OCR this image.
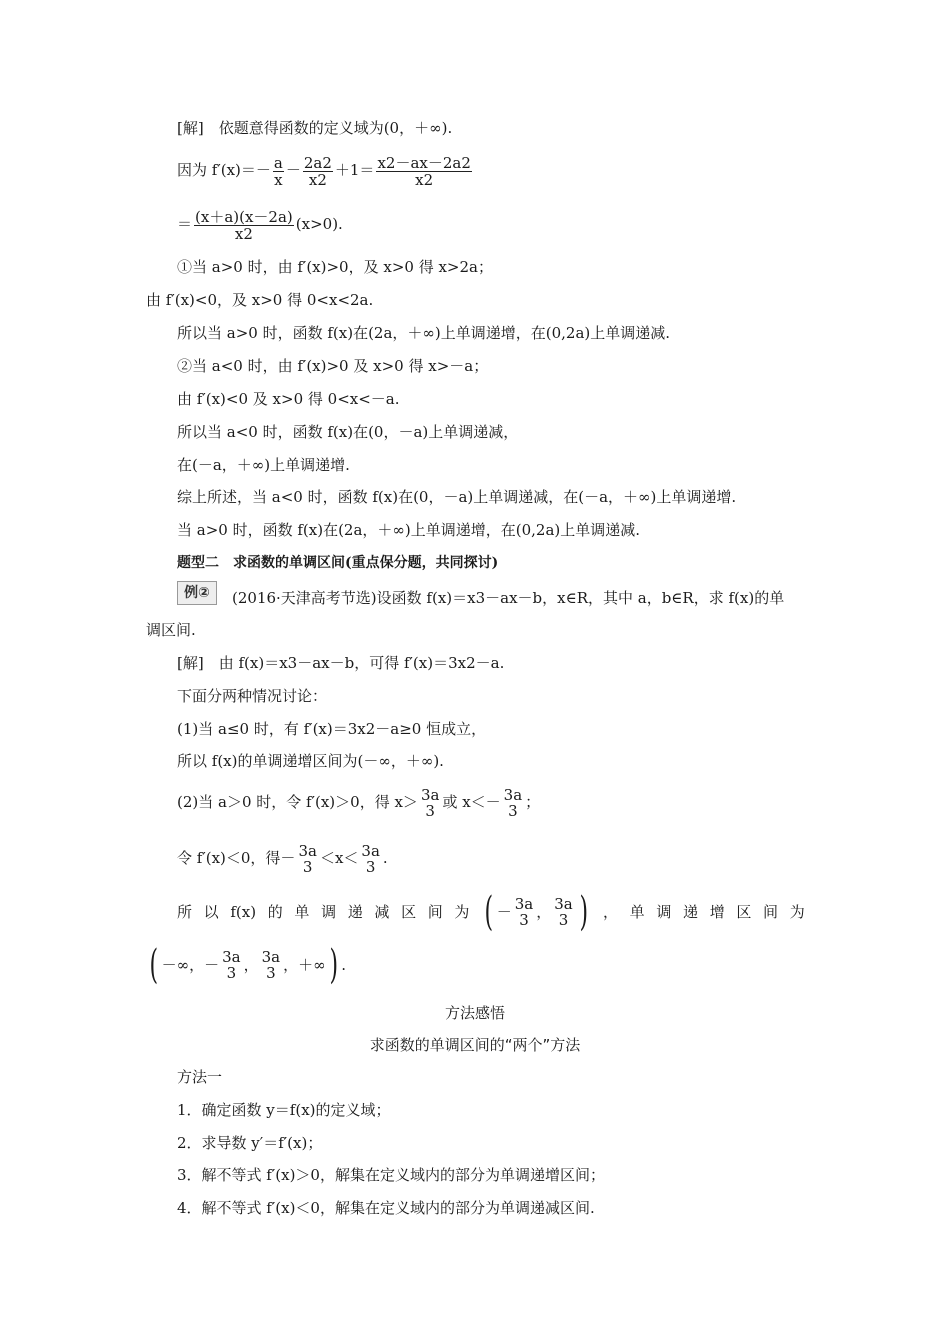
[解]　依题意得函数的定义域为(0，＋∞).
因为 $f'(x)=- \frac{a}{x} - \frac{2a2}{x2} +1= \frac{x2-ax-2a2}{x2}$
＝ $\frac{(x+a)(x-2a)}{x2} (x>0)$.
①当 a>0 时，由 f′(x)>0，及 x>0 得 x>2a；
由 f′(x)<0，及 x>0 得 0<x<2a.
所以当 a>0 时，函数 f(x)在(2a，＋∞)上单调递增，在(0,2a)上单调递减.
②当 a<0 时，由 f′(x)>0 及 x>0 得 x>－a；
由 f′(x)<0 及 x>0 得 0<x<－a.
所以当 a<0 时，函数 f(x)在(0，－a)上单调递减，
在(－a，＋∞)上单调递增.
综上所述，当 a<0 时，函数 f(x)在(0，－a)上单调递减，在(－a，＋∞)上单调递增.
当 a>0 时，函数 f(x)在(2a，＋∞)上单调递增，在(0,2a)上单调递减.
题型二　求函数的单调区间(重点保分题，共同探讨)
例②	(2016·天津高考节选)设函数 f(x)＝x3－ax－b，x∈R，其中 a，b∈R，求 f(x)的单
调区间.
[解]　由 f(x)＝x3－ax－b，可得 f′(x)＝3x2－a.
下面分两种情况讨论：
(1)当 a≤0 时，有 f′(x)＝3x2－a≥0 恒成立，
所以 f(x)的单调递增区间为(－∞，＋∞).
(2)当 a＞0 时，令 f′(x)＞0，得 x＞ 3a
3 或 x＜－ 3a
3 ；
令 f′(x)＜0，得－ 3a
3 ＜x＜ 3a
3 .
所 以 f(x) 的 单 调 递 减 区 间 为 ( － 3a
3 ， 3a
3 ) ， 单 调 递 增 区 间 为
( －∞，－ 3a
3 ， 3a
3 ，＋∞ ) .
方法感悟
求函数的单调区间的“两个”方法
方法一
1．确定函数 y＝f(x)的定义域；
2．求导数 y′＝f′(x)；
3．解不等式 f′(x)＞0，解集在定义域内的部分为单调递增区间；
4．解不等式 f′(x)＜0，解集在定义域内的部分为单调递减区间.
